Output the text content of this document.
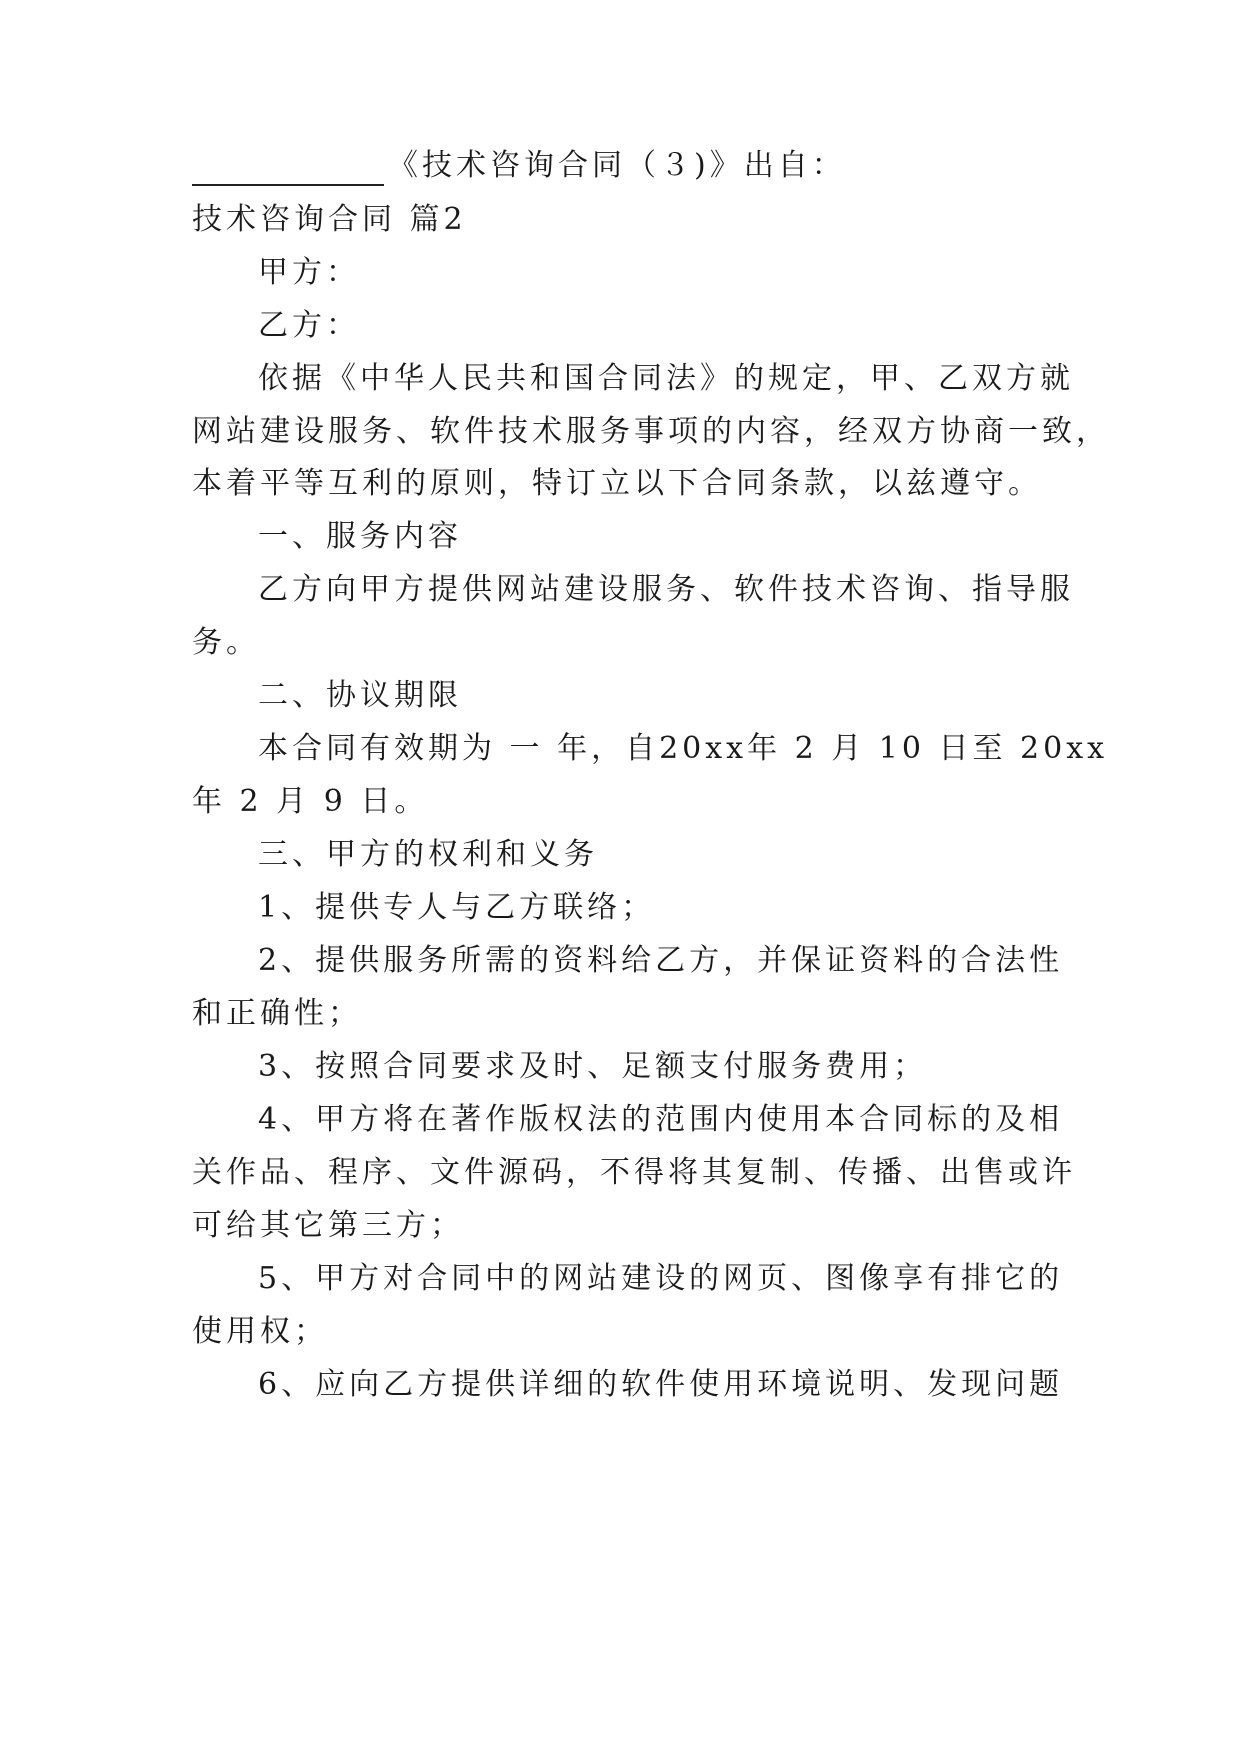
《技术咨询合同（３)》出自：
技术咨询合同 篇2
甲方：
乙方：
依据《中华人民共和国合同法》的规定，甲、乙双方就
网站建设服务、软件技术服务事项的内容，经双方协商一致，
本着平等互利的原则，特订立以下合同条款，以兹遵守。
一、服务内容
乙方向甲方提供网站建设服务、软件技术咨询、指导服
务。
二、协议期限
本合同有效期为 一 年，自20xx年 2 月 10 日至 20xx
年 2 月 9 日。
三、甲方的权利和义务
1、提供专人与乙方联络；
2、提供服务所需的资料给乙方，并保证资料的合法性
和正确性；
3、按照合同要求及时、足额支付服务费用；
4、甲方将在著作版权法的范围内使用本合同标的及相
关作品、程序、文件源码，不得将其复制、传播、出售或许
可给其它第三方；
5、甲方对合同中的网站建设的网页、图像享有排它的
使用权；
6、应向乙方提供详细的软件使用环境说明、发现问题
